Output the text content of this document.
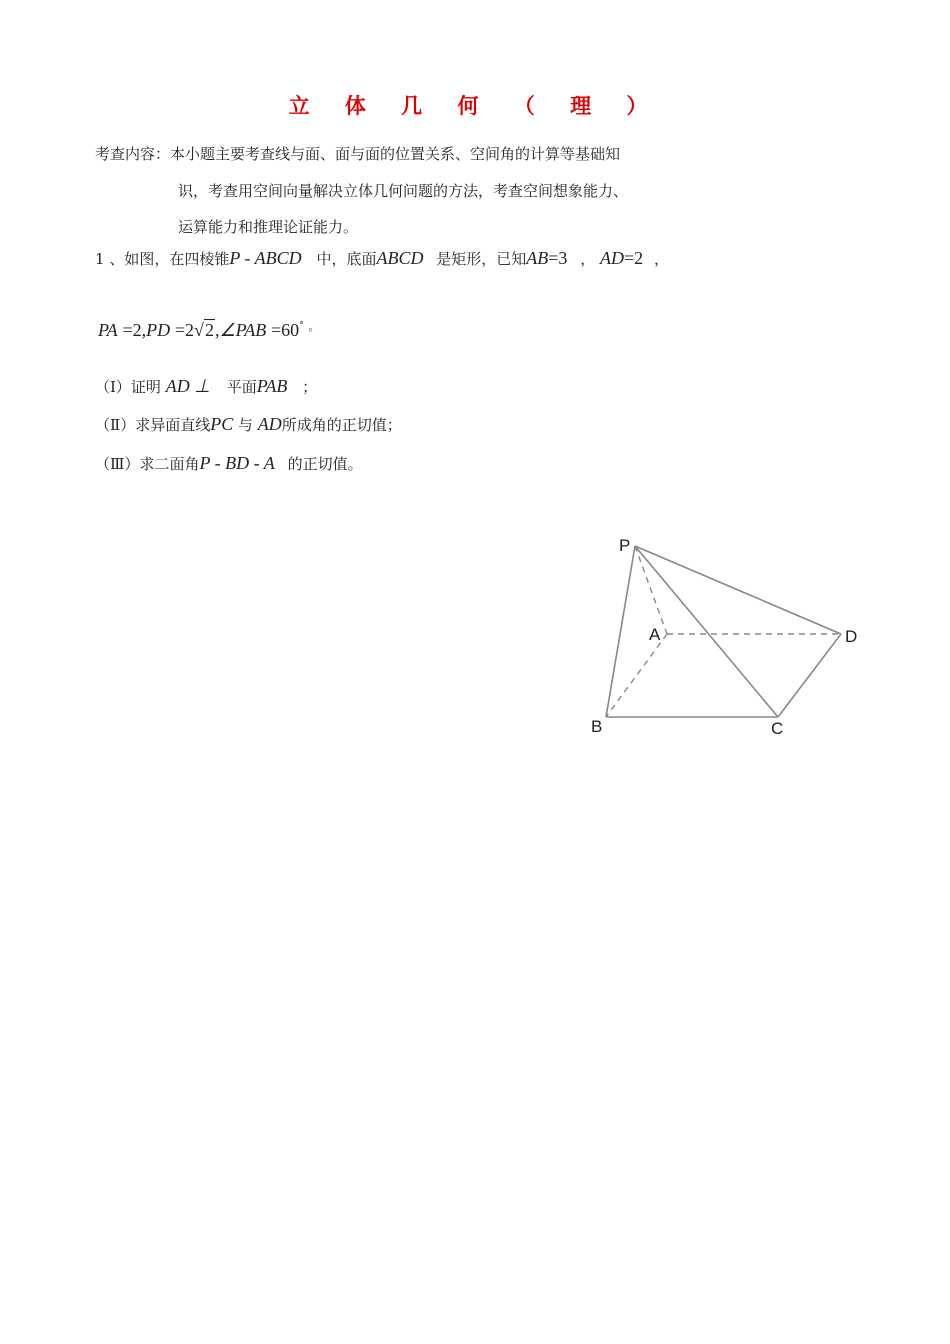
立 体 几 何 （ 理 ）
考查内容：本小题主要考查线与面、面与面的位置关系、空间角的计算等基础知
识，考查用空间向量解决立体几何问题的方法，考查空间想象能力、
运算能力和推理论证能力。
1 、如图，在四棱锥P - ABCD 中，底面ABCD 是矩形，已知AB=3 ， AD=2 ，
PA =2,PD =2√2,∠PAB =60° 。
（Ⅰ）证明 AD ⊥ 平面PAB ；
（Ⅱ）求异面直线PC 与 AD所成角的正切值；
（Ⅲ）求二面角P - BD - A 的正切值。
P
A
B	C
D
